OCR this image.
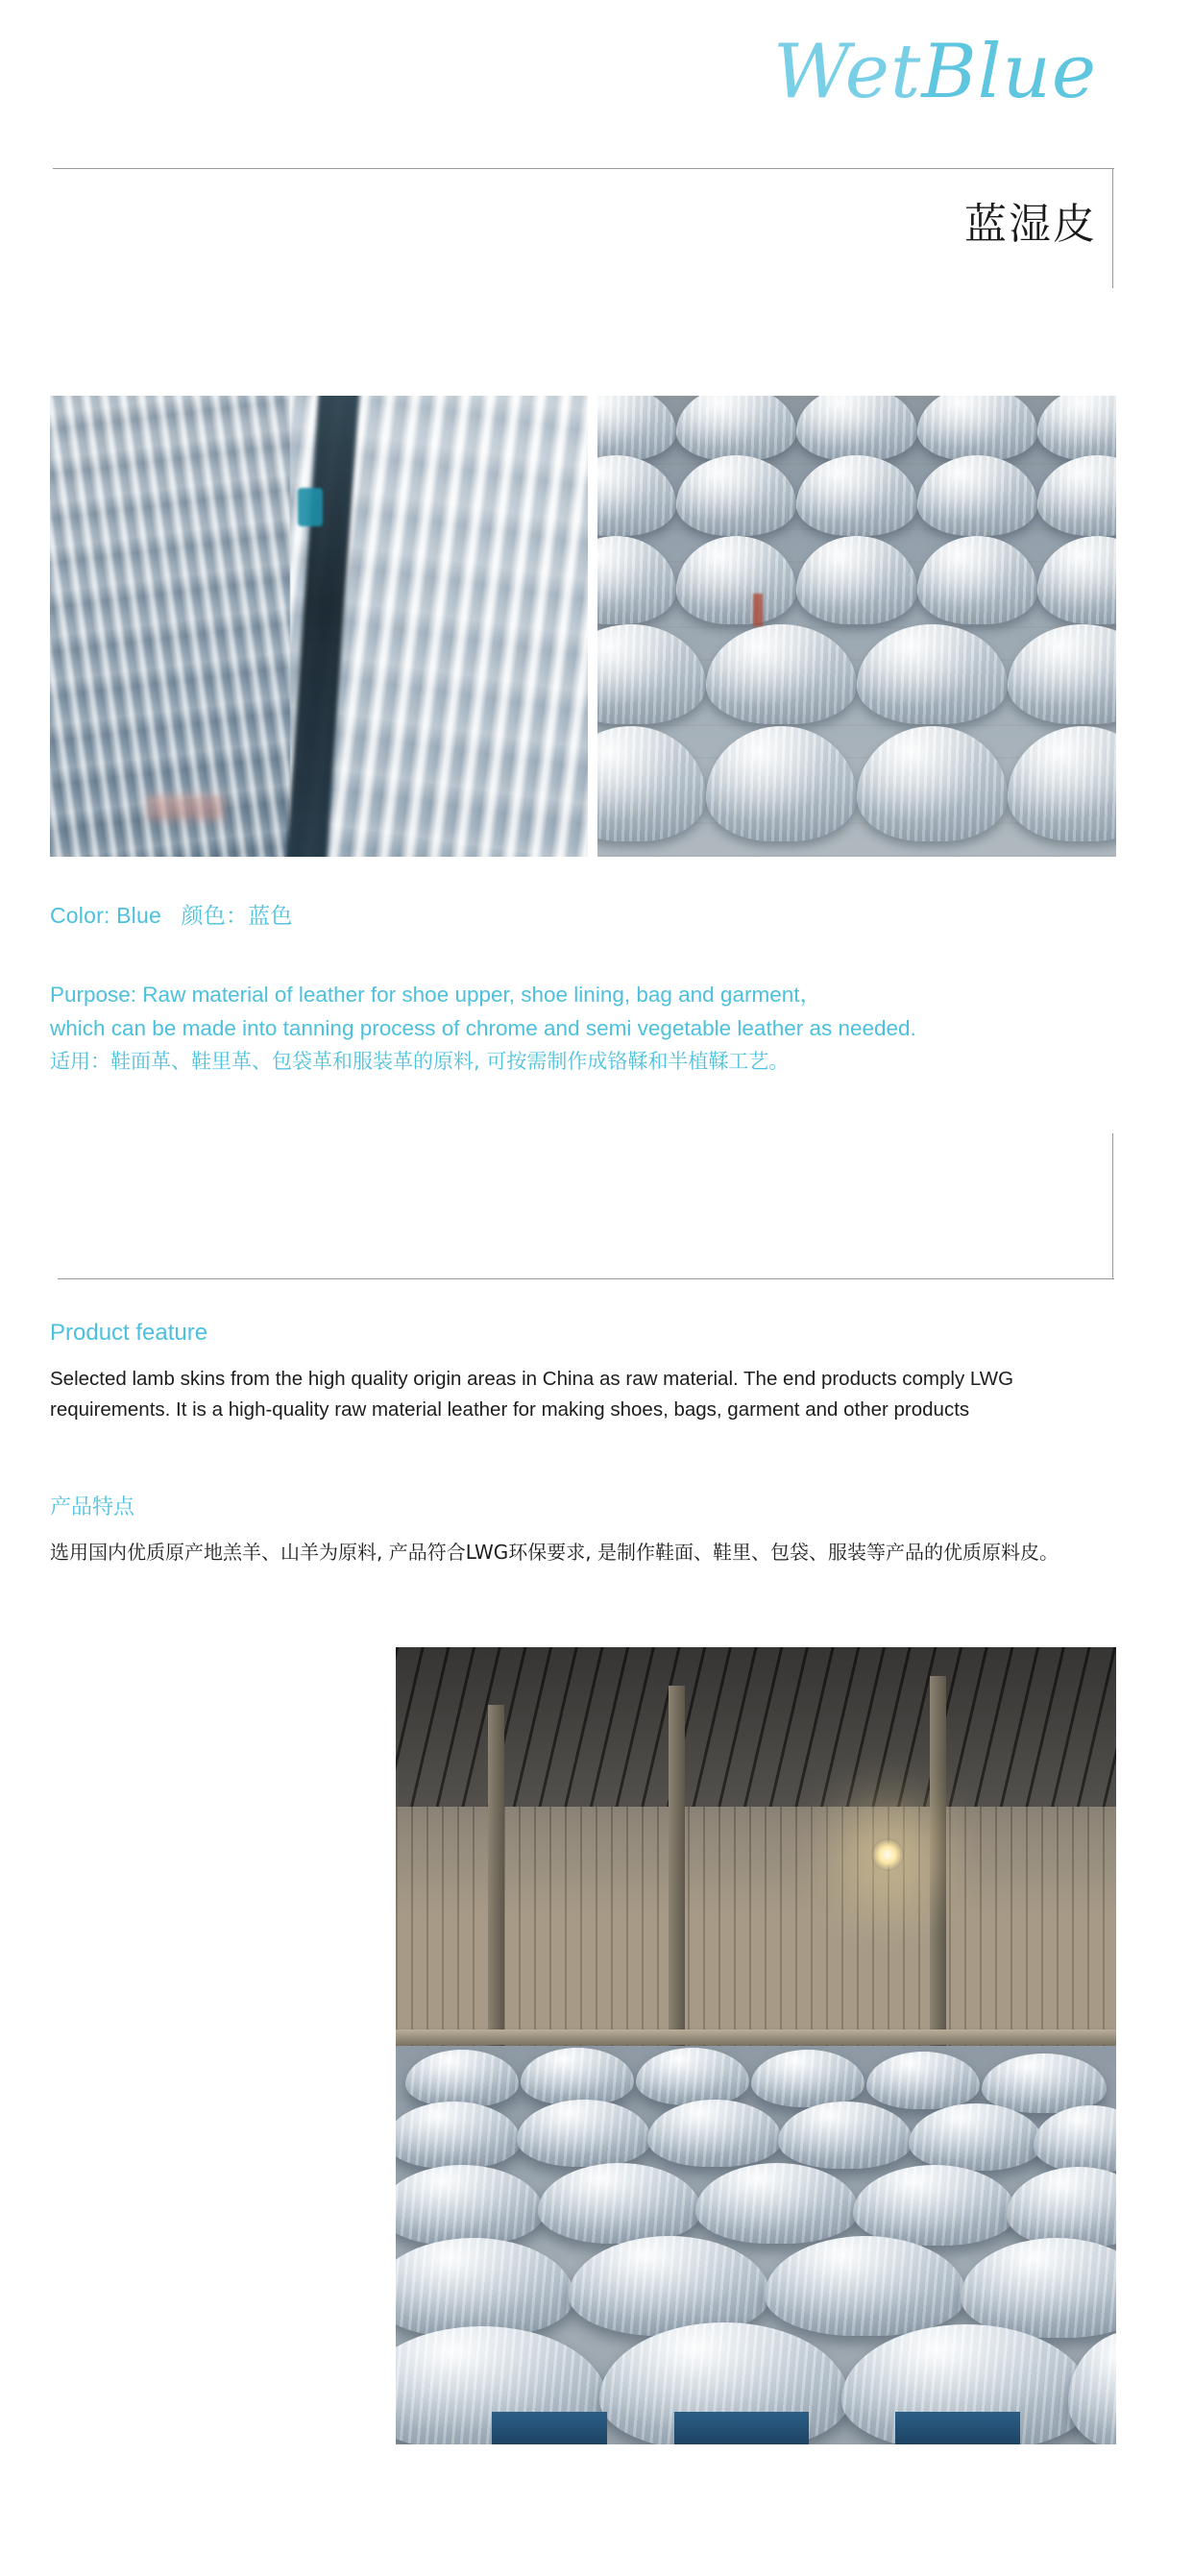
WetBlue
蓝湿皮
Color: Blue 颜色：蓝色
Purpose: Raw material of leather for shoe upper, shoe lining, bag and garment，
which can be made into tanning process of chrome and semi vegetable leather as needed.
适用：鞋面革、鞋里革、包袋革和服装革的原料, 可按需制作成铬鞣和半植鞣工艺。
Product feature
Selected lamb skins from the high quality origin areas in China as raw material. The end products comply LWG requirements. It is a high-quality raw material leather for making shoes, bags, garment and other products
产品特点
选用国内优质原产地羔羊、山羊为原料, 产品符合LWG环保要求, 是制作鞋面、鞋里、包袋、服装等产品的优质原料皮。
